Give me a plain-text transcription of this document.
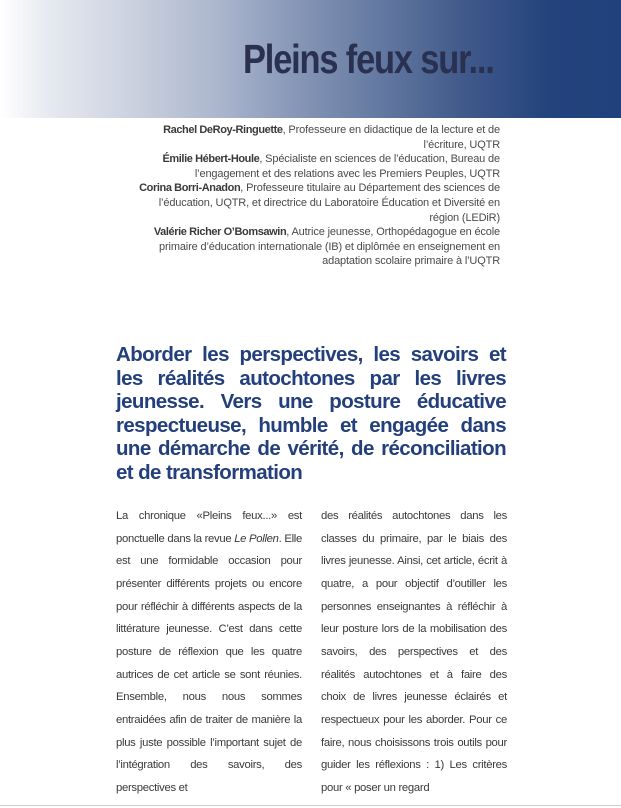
Pleins feux sur...
Rachel DeRoy-Ringuette, Professeure en didactique de la lecture et de
l’écriture, UQTR
Émilie Hébert-Houle, Spécialiste en sciences de l’éducation, Bureau de
l’engagement et des relations avec les Premiers Peuples, UQTR
Corina Borri-Anadon, Professeure titulaire au Département des sciences de
l’éducation, UQTR, et directrice du Laboratoire Éducation et Diversité en
région (LEDiR)
Valérie Richer O’Bomsawin, Autrice jeunesse, Orthopédagogue en école
primaire d’éducation internationale (IB) et diplômée en enseignement en
adaptation scolaire primaire à l’UQTR
Aborder les perspectives, les savoirs et les réalités autochtones par les livres jeunesse. Vers une posture éducative respectueuse, humble et engagée dans une démarche de vérité, de réconciliation et de transformation

La chronique «Pleins feux...» est ponctuelle dans la revue Le Pollen. Elle est une formidable occasion pour présenter différents projets ou encore pour réfléchir à différents aspects de la littérature jeunesse. C’est dans cette posture de réflexion que les quatre autrices de cet article se sont réunies. Ensemble, nous nous sommes entraidées afin de traiter de manière la plus juste possible l’important sujet de l’intégration des savoirs, des perspectives et

des réalités autochtones dans les classes du primaire, par le biais des livres jeunesse. Ainsi, cet article, écrit à quatre, a pour objectif d’outiller les personnes enseignantes à réfléchir à leur posture lors de la mobilisation des savoirs, des perspectives et des réalités autochtones et à faire des choix de livres jeunesse éclairés et respectueux pour les aborder. Pour ce faire, nous choisissons trois outils pour guider les réflexions : 1) Les critères pour « poser un regard
